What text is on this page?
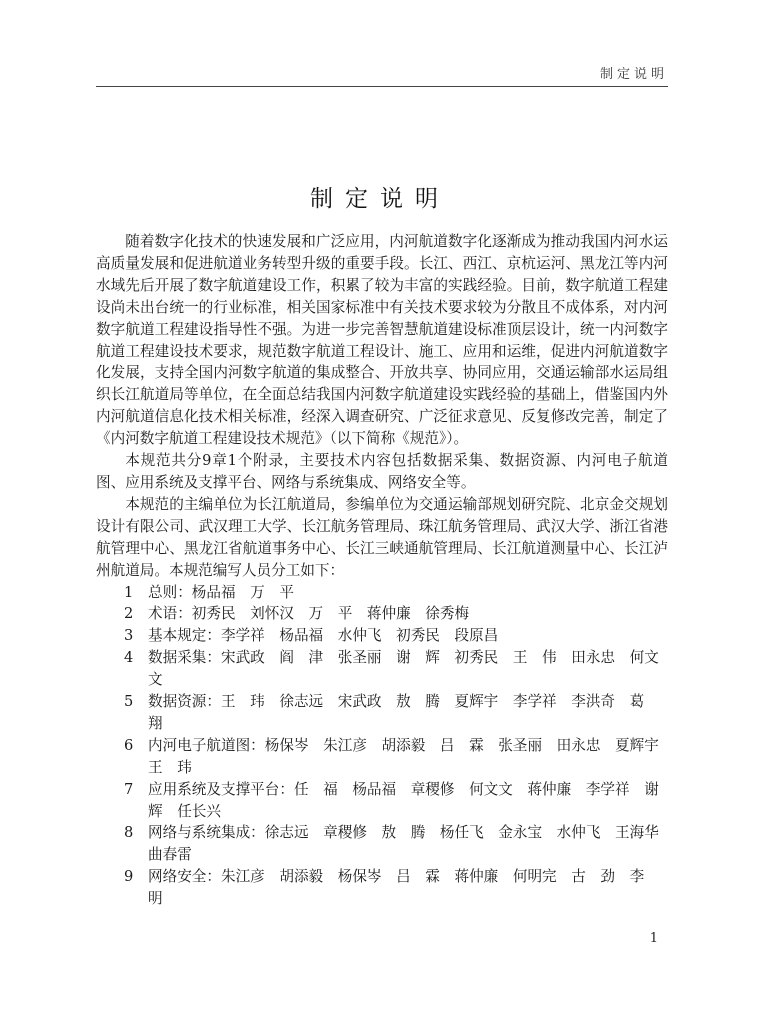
制定说明
制定说明

随着数字化技术的快速发展和广泛应用，内河航道数字化逐渐成为推动我国内河水运高质量发展和促进航道业务转型升级的重要手段。长江、西江、京杭运河、黑龙江等内河水域先后开展了数字航道建设工作，积累了较为丰富的实践经验。目前，数字航道工程建设尚未出台统一的行业标准，相关国家标准中有关技术要求较为分散且不成体系，对内河数字航道工程建设指导性不强。为进一步完善智慧航道建设标准顶层设计，统一内河数字航道工程建设技术要求，规范数字航道工程设计、施工、应用和运维，促进内河航道数字化发展，支持全国内河数字航道的集成整合、开放共享、协同应用，交通运输部水运局组织长江航道局等单位，在全面总结我国内河数字航道建设实践经验的基础上，借鉴国内外内河航道信息化技术相关标准，经深入调查研究、广泛征求意见、反复修改完善，制定了《内河数字航道工程建设技术规范》（以下简称《规范》）。

本规范共分9章1个附录，主要技术内容包括数据采集、数据资源、内河电子航道图、应用系统及支撑平台、网络与系统集成、网络安全等。

本规范的主编单位为长江航道局，参编单位为交通运输部规划研究院、北京金交规划设计有限公司、武汉理工大学、长江航务管理局、珠江航务管理局、武汉大学、浙江省港航管理中心、黑龙江省航道事务中心、长江三峡通航管理局、长江航道测量中心、长江泸州航道局。本规范编写人员分工如下：

1	总则：杨品福　万　平
2	术语：初秀民　刘怀汉　万　平　蒋仲廉　徐秀梅
3	基本规定：李学祥　杨品福　水仲飞　初秀民　段原昌
4	数据采集：宋武政　阎　津　张圣丽　谢　辉　初秀民　王　伟　田永忠　何文文
5	数据资源：王　玮　徐志远　宋武政　敖　腾　夏辉宇　李学祥　李洪奇　葛　翔
6	内河电子航道图：杨保岑　朱江彦　胡添毅　吕　霖　张圣丽　田永忠　夏辉宇　王　玮
7	应用系统及支撑平台：任　福　杨品福　章稷修　何文文　蒋仲廉　李学祥　谢　辉　任长兴
8	网络与系统集成：徐志远　章稷修　敖　腾　杨任飞　金永宝　水仲飞　王海华　曲春雷
9	网络安全：朱江彦　胡添毅　杨保岑　吕　霖　蒋仲廉　何明完　古　劲　李　明
1
